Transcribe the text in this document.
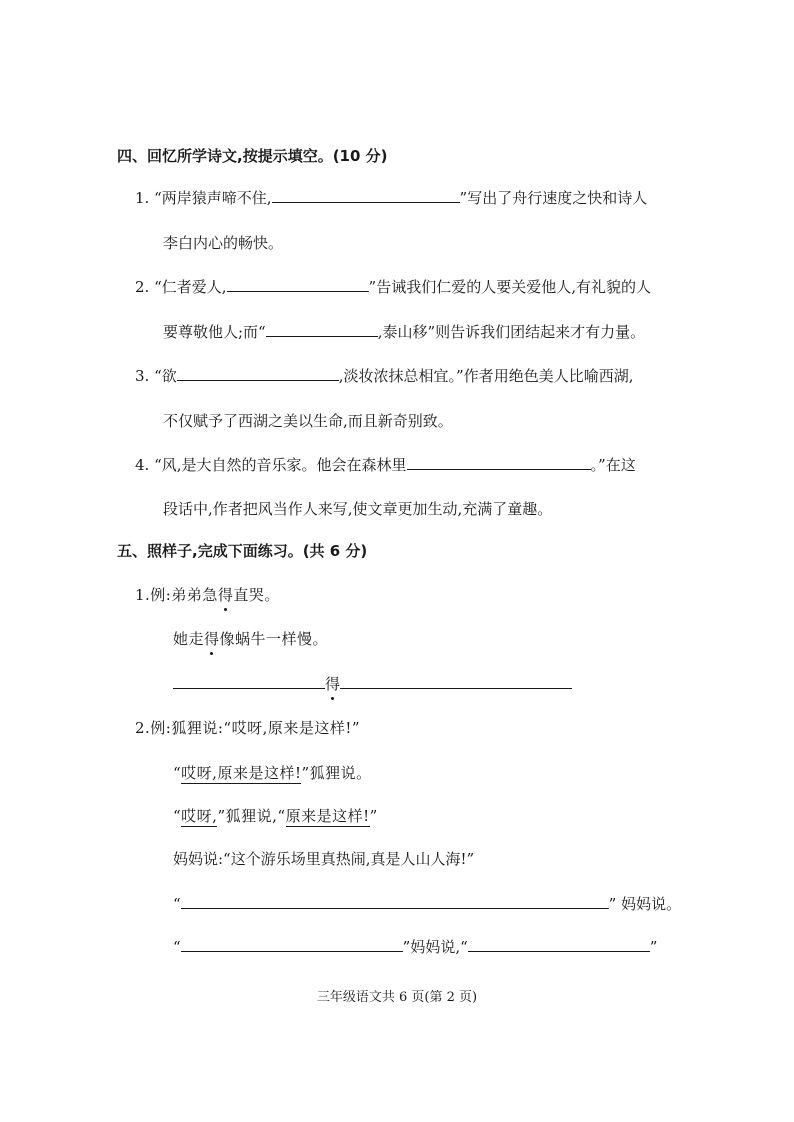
四、回忆所学诗文,按提示填空。(10 分)
1. “两岸猿声啼不住,	”写出了舟行速度之快和诗人
李白内心的畅快。
2. “仁者爱人,	”告诫我们仁爱的人要关爱他人,有礼貌的人
要尊敬他人;而“	,泰山移”则告诉我们团结起来才有力量。
3. “欲	,淡妆浓抹总相宜。”作者用绝色美人比喻西湖,
不仅赋予了西湖之美以生命,而且新奇别致。
4. “风,是大自然的音乐家。他会在森林里	。”在这
段话中,作者把风当作人来写,使文章更加生动,充满了童趣。
五、照样子,完成下面练习。(共 6 分)
1.例:弟弟急得直哭。
她走得像蜗牛一样慢。
得
2.例:狐狸说:“哎呀,原来是这样!”
“哎呀,原来是这样!”狐狸说。
“哎呀,”狐狸说,“原来是这样!”
妈妈说:“这个游乐场里真热闹,真是人山人海!”
“	” 妈妈说。
“	”妈妈说,“	”
三年级语文共 6 页(第 2 页)
